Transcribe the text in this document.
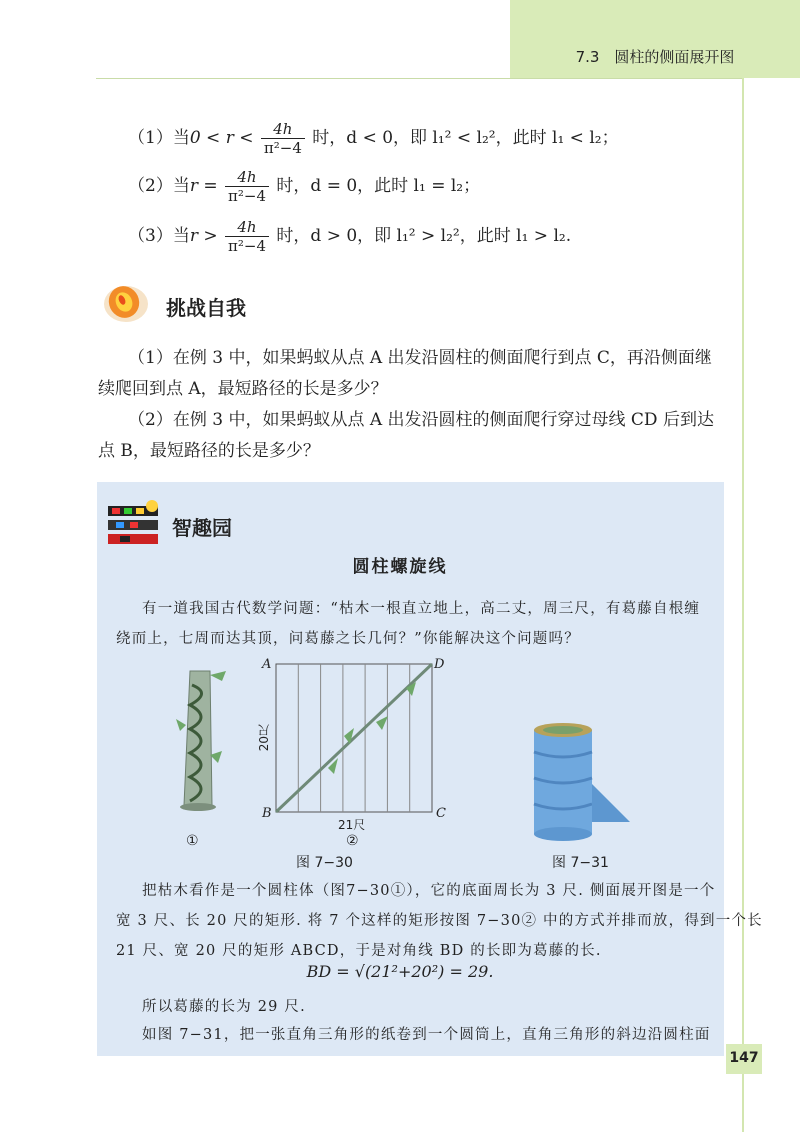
7.3　圆柱的侧面展开图
（1）当$0 < r < \frac{4h}{\text{π²−4}}$ 时，d < 0，即 l₁² < l₂²，此时 l₁ < l₂；
（2）当$r = \frac{4h}{\text{π²−4}}$ 时，d = 0，此时 l₁ = l₂；
（3）当$r > \frac{4h}{\text{π²−4}}$ 时，d > 0，即 l₁² > l₂²，此时 l₁ > l₂.
挑战自我
（1）在例 3 中，如果蚂蚁从点 A 出发沿圆柱的侧面爬行到点 C，再沿侧面继
续爬回到点 A，最短路径的长是多少？
（2）在例 3 中，如果蚂蚁从点 A 出发沿圆柱的侧面爬行穿过母线 CD 后到达
点 B，最短路径的长是多少？
智趣园
圆柱螺旋线
有一道我国古代数学问题：“枯木一根直立地上，高二丈，周三尺，有葛藤自根缠
绕而上，七周而达其顶，问葛藤之长几何？”你能解决这个问题吗？
①
A	D
B	C
20尺
21尺
②
图 7−30	图 7−31
把枯木看作是一个圆柱体（图7−30①），它的底面周长为 3 尺. 侧面展开图是一个
宽 3 尺、长 20 尺的矩形. 将 7 个这样的矩形按图 7−30② 中的方式并排而放，得到一个长
21 尺、宽 20 尺的矩形 ABCD，于是对角线 BD 的长即为葛藤的长.
BD = √(21²+20²) = 29.
所以葛藤的长为 29 尺.
如图 7−31，把一张直角三角形的纸卷到一个圆筒上，直角三角形的斜边沿圆柱面
147
